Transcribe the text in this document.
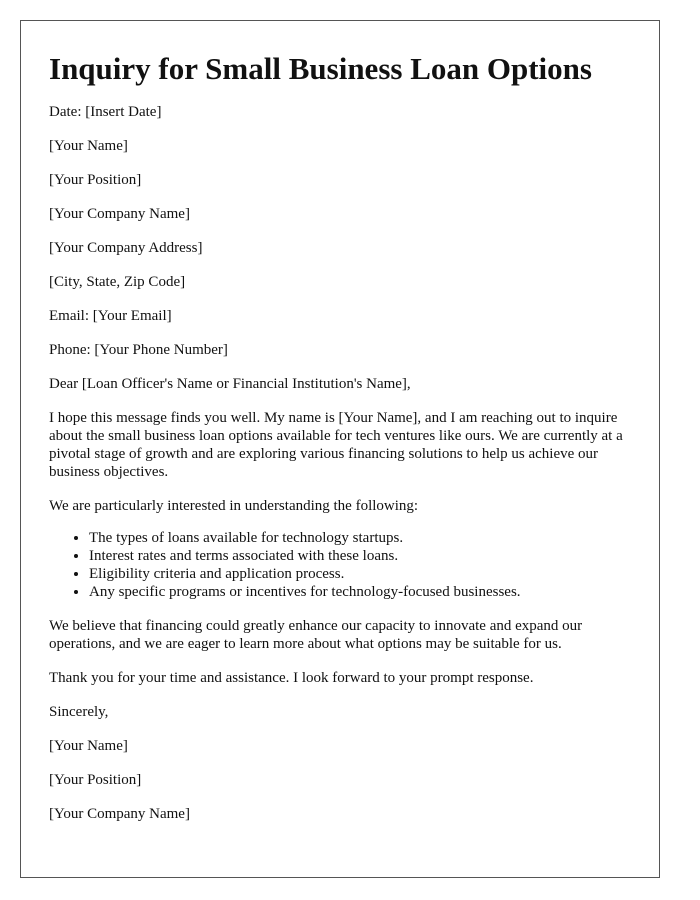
Inquiry for Small Business Loan Options

Date: [Insert Date]

[Your Name]

[Your Position]

[Your Company Name]

[Your Company Address]

[City, State, Zip Code]

Email: [Your Email]

Phone: [Your Phone Number]

Dear [Loan Officer's Name or Financial Institution's Name],

I hope this message finds you well. My name is [Your Name], and I am reaching out to inquire about the small business loan options available for tech ventures like ours. We are currently at a pivotal stage of growth and are exploring various financing solutions to help us achieve our business objectives.

We are particularly interested in understanding the following:

• The types of loans available for technology startups.
• Interest rates and terms associated with these loans.
• Eligibility criteria and application process.
• Any specific programs or incentives for technology-focused businesses.

We believe that financing could greatly enhance our capacity to innovate and expand our operations, and we are eager to learn more about what options may be suitable for us.

Thank you for your time and assistance. I look forward to your prompt response.

Sincerely,

[Your Name]

[Your Position]

[Your Company Name]
